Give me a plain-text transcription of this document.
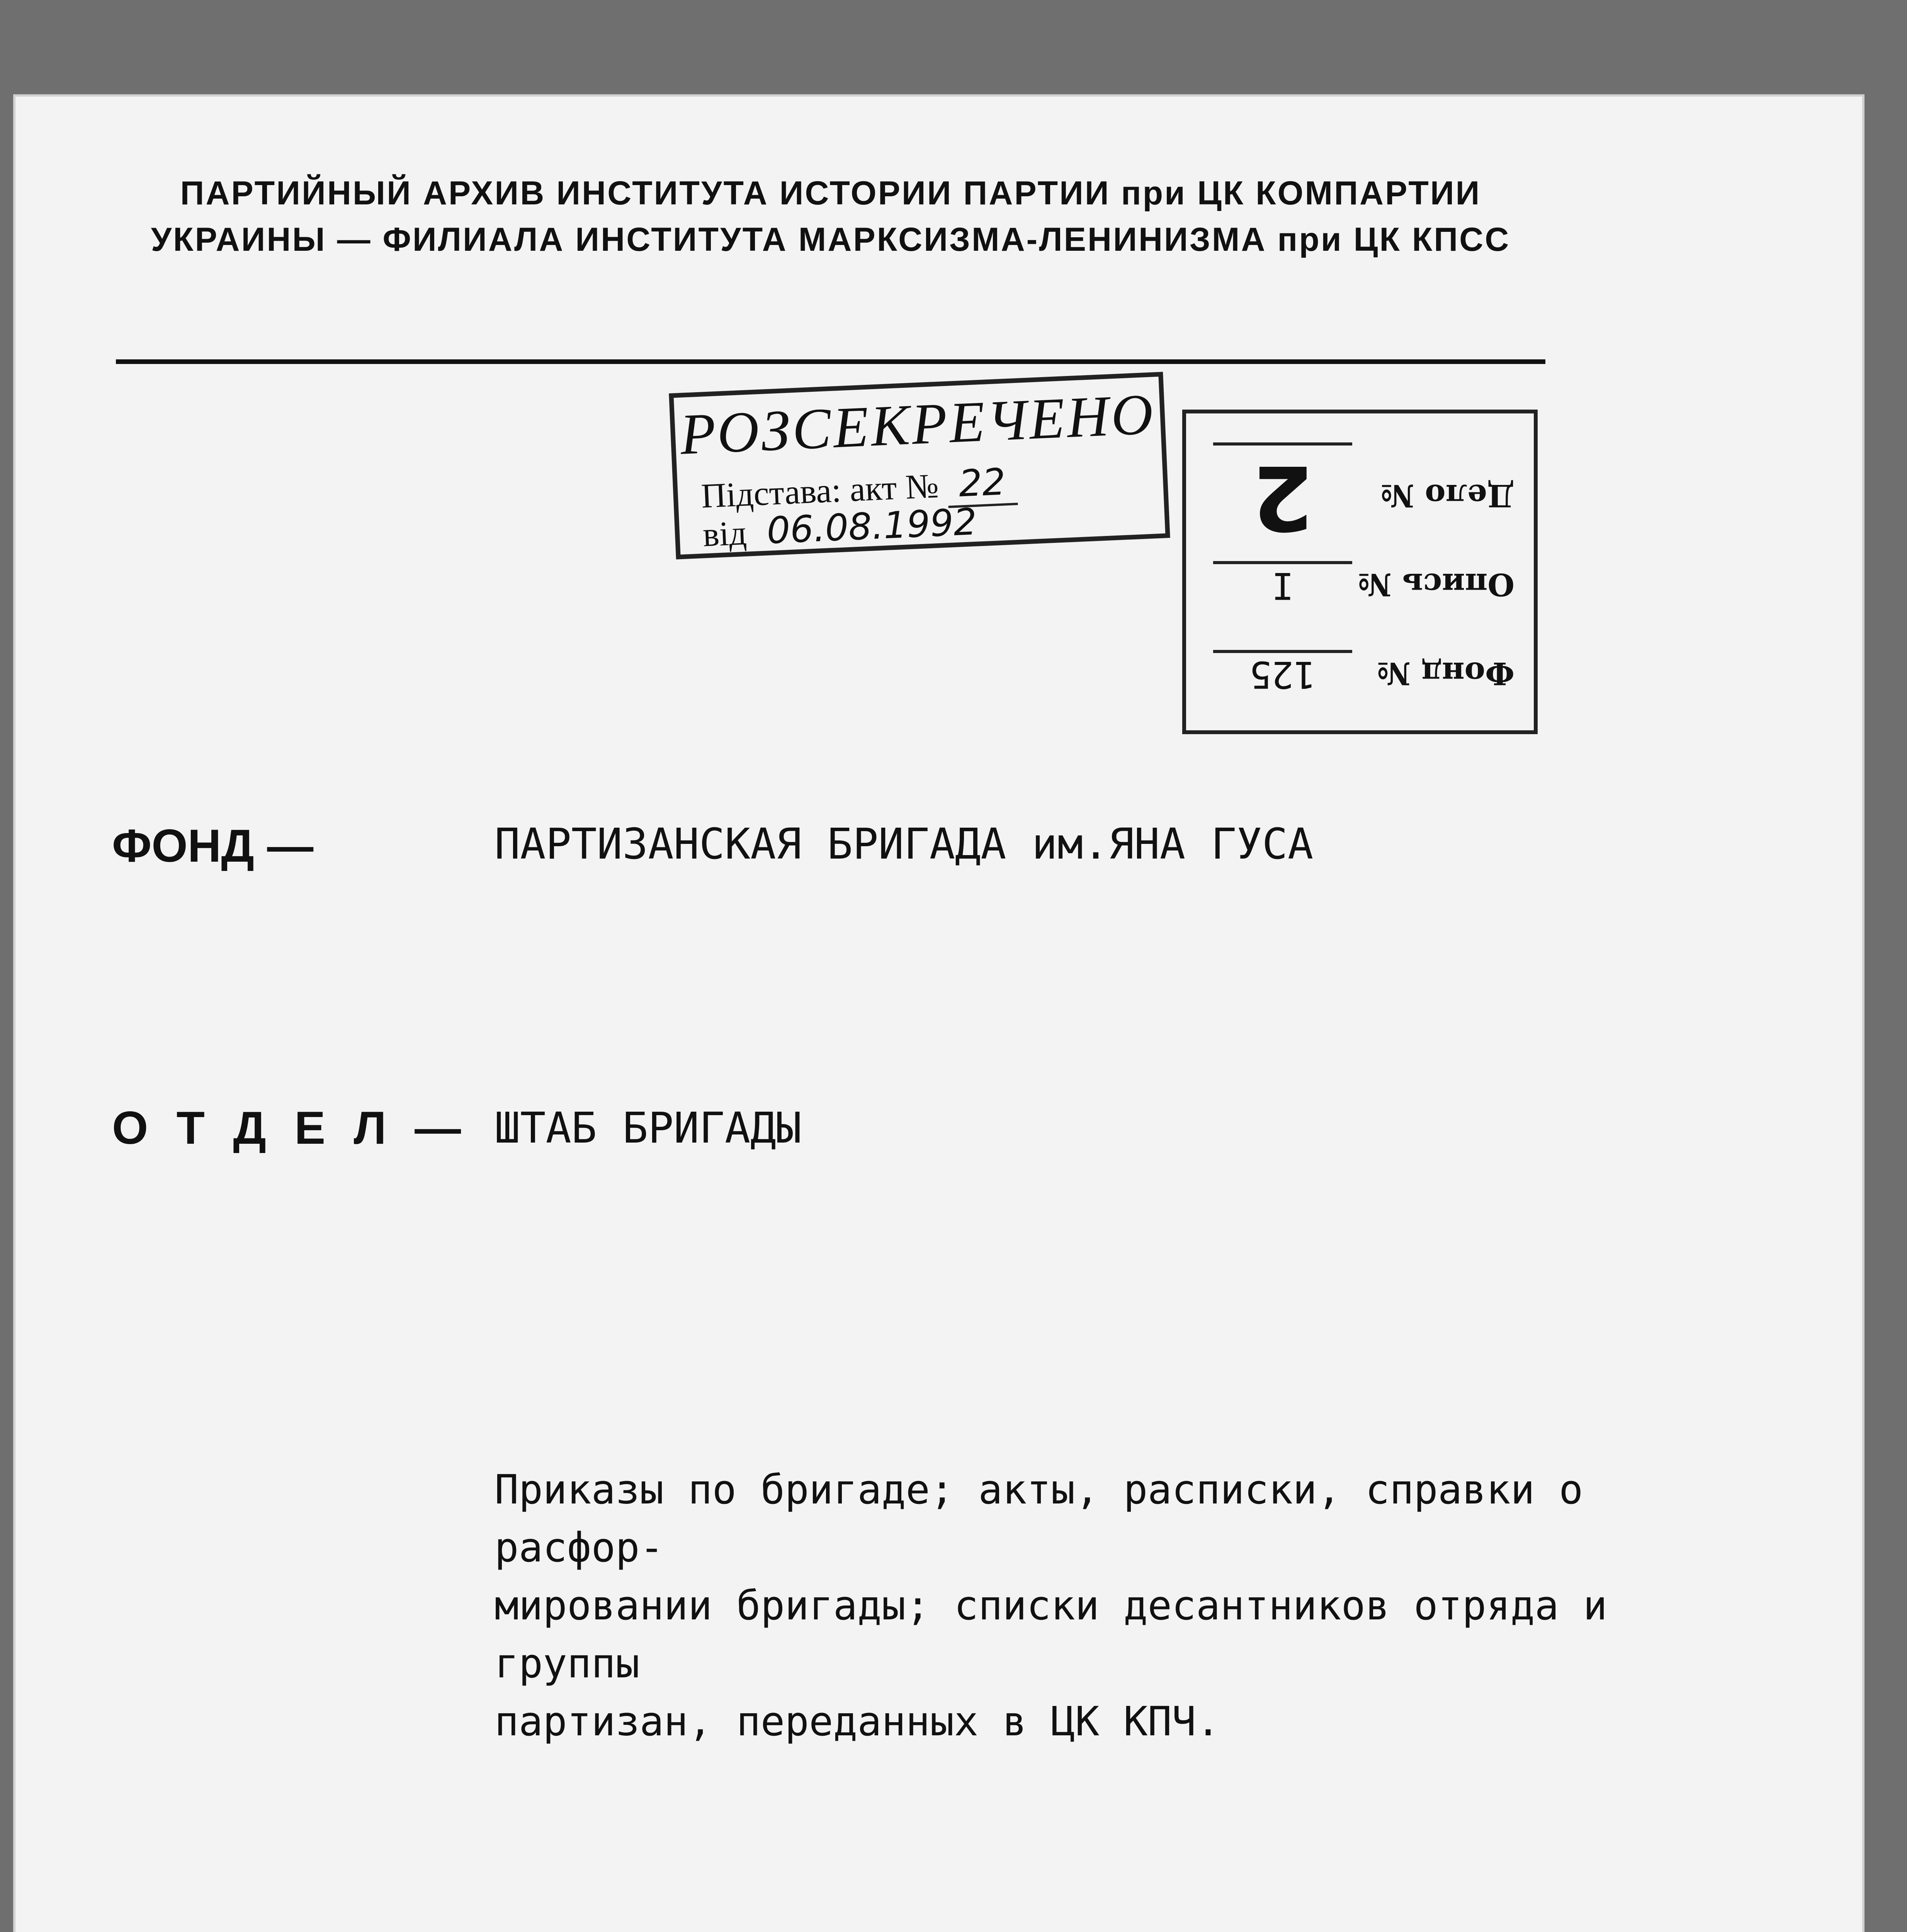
ПАРТИЙНЫЙ АРХИВ ИНСТИТУТА ИСТОРИИ ПАРТИИ при ЦК КОМПАРТИИ
УКРАИНЫ — ФИЛИАЛА ИНСТИТУТА МАРКСИЗМА-ЛЕНИНИЗМА при ЦК КПСС
РОЗСЕКРЕЧЕНО
Підстава: акт № 22
від 06.08.1992
Фонд №
125
Опись №
I
Дело №
2
ФОНД —	ПАРТИЗАНСКАЯ БРИГАДА им.ЯНА ГУСА
О Т Д Е Л — ШТАБ БРИГАДЫ
Приказы по бригаде; акты, расписки, справки о расфор-
мировании бригады; списки десантников отряда и группы
партизан, переданных в ЦК КПЧ.
